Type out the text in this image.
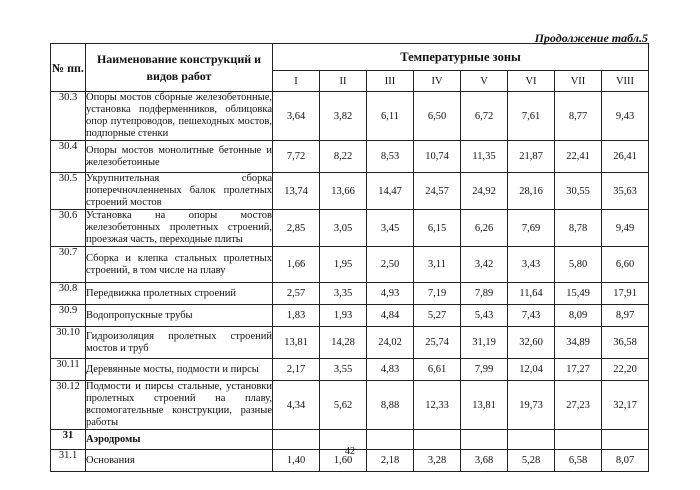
Продолжение табл.5
№ пп.	Наименование конструкций и видов работ	Температурные зоны							
		I	II	III	IV	V	VI	VII	VIII
30.3	Опоры мостов сборные железобетонные, установка подферменников, облицовка опор путепроводов, пешеходных мостов, подпорные стенки	3,64	3,82	6,11	6,50	6,72	7,61	8,77	9,43
30.4	Опоры мостов монолитные бетонные и железобетонные	7,72	8,22	8,53	10,74	11,35	21,87	22,41	26,41
30.5	Укрупнительная сборка поперечночленненых балок пролетных строений мостов	13,74	13,66	14,47	24,57	24,92	28,16	30,55	35,63
30.6	Установка на опоры мостов железобетонных пролетных строений, проезжая часть, переходные плиты	2,85	3,05	3,45	6,15	6,26	7,69	8,78	9,49
30.7	Сборка и клепка стальных пролетных строений, в том числе на плаву	1,66	1,95	2,50	3,11	3,42	3,43	5,80	6,60
30.8	Передвижка пролетных строений	2,57	3,35	4,93	7,19	7,89	11,64	15,49	17,91
30.9	Водопропускные трубы	1,83	1,93	4,84	5,27	5,43	7,43	8,09	8,97
30.10	Гидроизоляция пролетных строений мостов и труб	13,81	14,28	24,02	25,74	31,19	32,60	34,89	36,58
30.11	Деревянные мосты, подмости и пирсы	2,17	3,55	4,83	6,61	7,99	12,04	17,27	22,20
30.12	Подмости и пирсы стальные, установки пролетных строений на плаву, вспомогательные конструкции, разные работы	4,34	5,62	8,88	12,33	13,81	19,73	27,23	32,17
31	Аэродромы								
31.1	Основания	1,40	1,60	2,18	3,28	3,68	5,28	6,58	8,07
42
